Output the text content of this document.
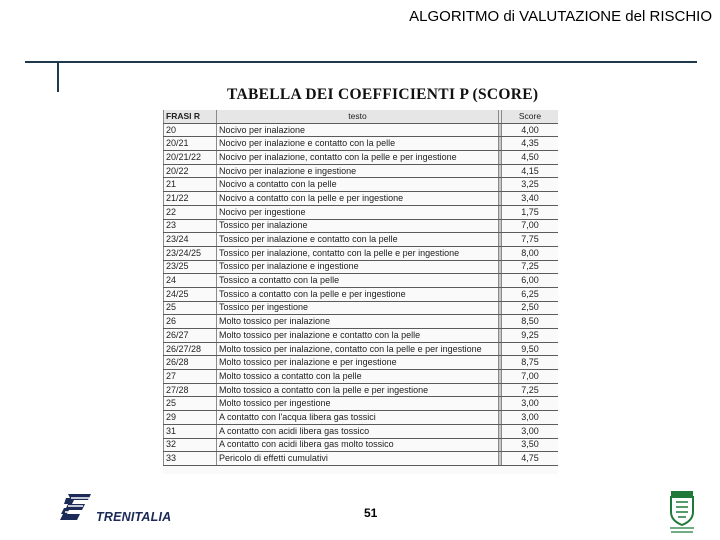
ALGORITMO di VALUTAZIONE del RISCHIO
TABELLA DEI COEFFICIENTI P (SCORE)
FRASI R	testo		Score
20	Nocivo per inalazione		4,00
20/21	Nocivo per inalazione e contatto con la pelle		4,35
20/21/22	Nocivo per inalazione, contatto con la pelle e per ingestione		4,50
20/22	Nocivo per inalazione e ingestione		4,15
21	Nocivo a contatto con la pelle		3,25
21/22	Nocivo a contatto con la pelle e per ingestione		3,40
22	Nocivo per ingestione		1,75
23	Tossico per inalazione		7,00
23/24	Tossico per inalazione e contatto con la pelle		7,75
23/24/25	Tossico per inalazione, contatto con la pelle e per ingestione		8,00
23/25	Tossico per inalazione e ingestione		7,25
24	Tossico a contatto con la pelle		6,00
24/25	Tossico a contatto con la pelle e per ingestione		6,25
25	Tossico per ingestione		2,50
26	Molto tossico per inalazione		8,50
26/27	Molto tossico per inalazione e contatto con la pelle		9,25
26/27/28	Molto tossico per inalazione, contatto con la pelle e per ingestione		9,50
26/28	Molto tossico per inalazione e per ingestione		8,75
27	Molto tossico a contatto con la pelle		7,00
27/28	Molto tossico a contatto con la pelle e per ingestione		7,25
25	Molto tossico per ingestione		3,00
29	A contatto con l'acqua libera gas tossici		3,00
31	A contatto con acidi libera gas tossico		3,00
32	A contatto con acidi libera gas molto tossico		3,50
33	Pericolo di effetti cumulativi		4,75
TRENITALIA	51
